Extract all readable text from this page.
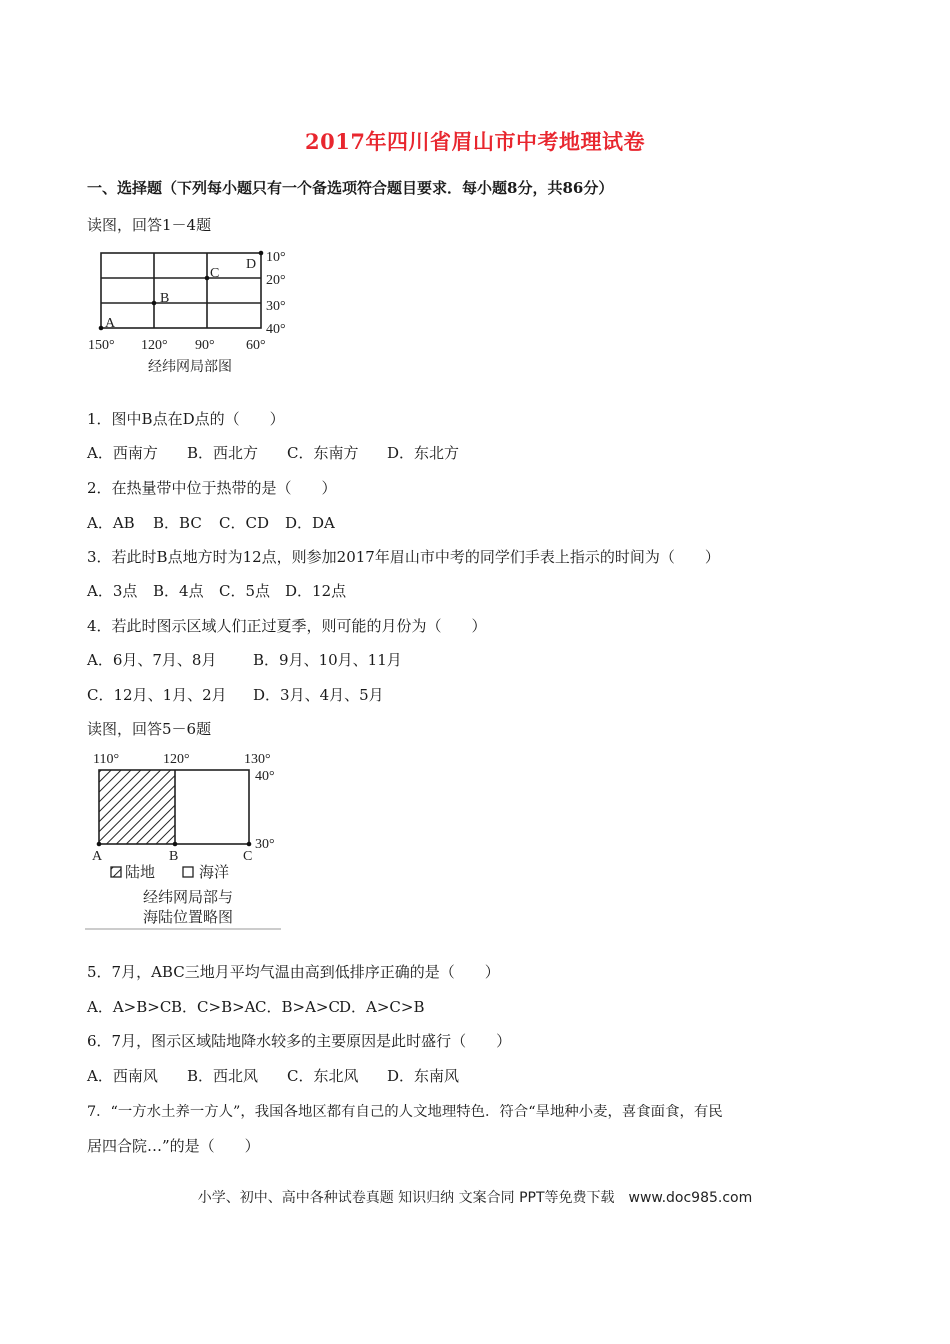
2017年四川省眉山市中考地理试卷
一、选择题（下列每小题只有一个备选项符合题目要求．每小题8分，共86分）
读图，回答1－4题
A
B
C
D 10°
20°
30°
40°
150° 120° 90° 60°
经纬网局部图
1．图中B点在D点的（　　）
A．西南方 B．西北方 C．东南方 D．东北方
2．在热量带中位于热带的是（　　）
A．AB B．BC C．CD D．DA
3．若此时B点地方时为12点，则参加2017年眉山市中考的同学们手表上指示的时间为（　　）
A．3点 B．4点 C．5点 D．12点
4．若此时图示区域人们正过夏季，则可能的月份为（　　）
A．6月、7月、8月 B．9月、10月、11月
C．12月、1月、2月 D．3月、4月、5月
读图，回答5－6题
110°	120°	130°
40°
30°
A	B	C
陆地	海洋
经纬网局部与
海陆位置略图
5．7月，ABC三地月平均气温由高到低排序正确的是（　　）
A．A>B>CB．C>B>AC．B>A>CD．A>C>B
6．7月，图示区域陆地降水较多的主要原因是此时盛行（　　）
A．西南风 B．西北风 C．东北风 D．东南风
7．“一方水土养一方人”，我国各地区都有自己的人文地理特色．符合“旱地种小麦，喜食面食，有民
居四合院…”的是（　　）
小学、初中、高中各种试卷真题 知识归纳 文案合同 PPT等免费下载　www.doc985.com
